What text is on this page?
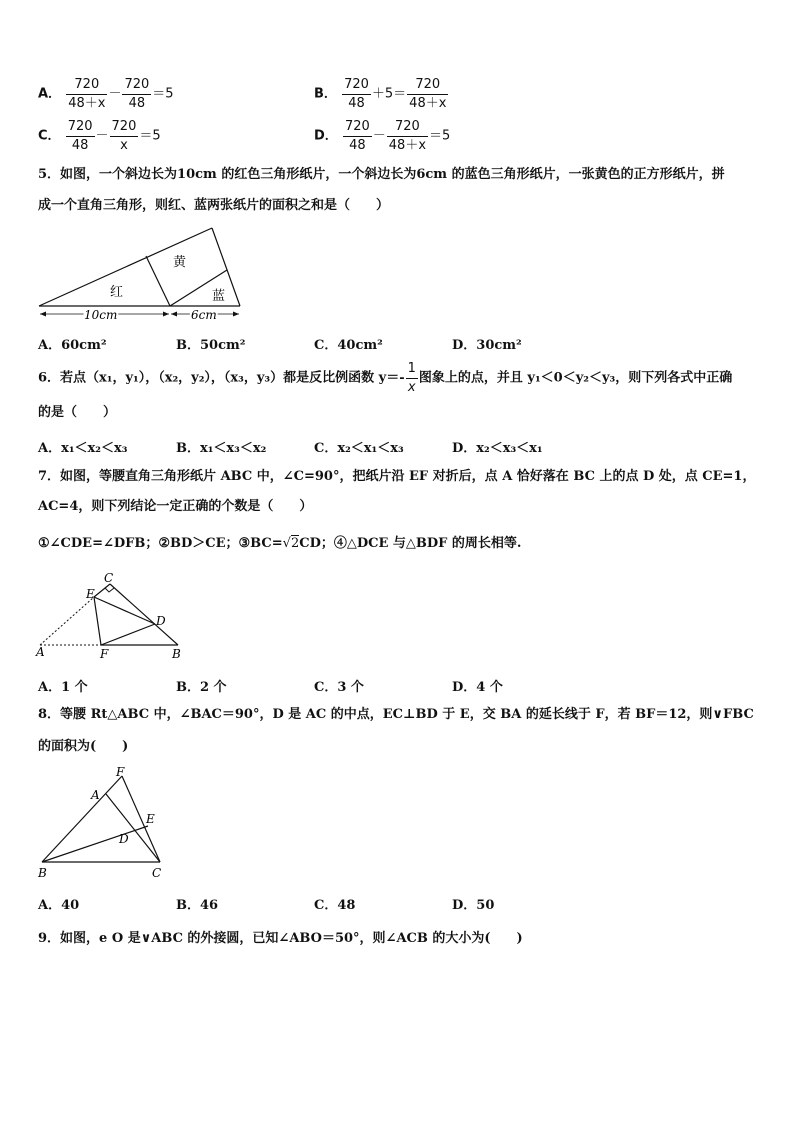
A． $\frac{720}{48+x} - \frac{720}{48} =5$	B． $\frac{720}{48} +5= \frac{720}{48+x}$
C． $\frac{720}{48} - \frac{720}{x} =5$	D． $\frac{720}{48} - \frac{720}{48+x} =5$
5．如图，一个斜边长为10cm 的红色三角形纸片，一个斜边长为6cm 的蓝色三角形纸片，一张黄色的正方形纸片，拼
成一个直角三角形，则红、蓝两张纸片的面积之和是（　　）
黄
红	蓝
10cm	6cm
A．60cm²	B．50cm²	C．40cm²	D．30cm²
6．若点（x₁，y₁），（x₂，y₂），（x₃，y₃）都是反比例函数 $y=- \frac{1}{x}$ 图象上的点，并且 y₁＜0＜y₂＜y₃，则下列各式中正确
的是（　　）
A．x₁＜x₂＜x₃	B．x₁＜x₃＜x₂	C．x₂＜x₁＜x₃	D．x₂＜x₃＜x₁
7．如图，等腰直角三角形纸片 ABC 中，∠C=90°，把纸片沿 EF 对折后，点 A 恰好落在 BC 上的点 D 处，点 CE=1，
AC=4，则下列结论一定正确的个数是（　　）
①∠CDE=∠DFB；②BD＞CE；③BC=√2CD；④△DCE 与△BDF 的周长相等.
C
E
D
A	F	B
A．1 个	B．2 个	C．3 个	D．4 个
8．等腰 Rt△ABC 中，∠BAC＝90°，D 是 AC 的中点，EC⊥BD 于 E，交 BA 的延长线于 F，若 BF＝12，则∨FBC
的面积为(　　)
F
A
E
D
B	C
A．40	B．46	C．48	D．50
9．如图，e O 是∨ABC 的外接圆，已知∠ABO＝50°，则∠ACB 的大小为(　　)
